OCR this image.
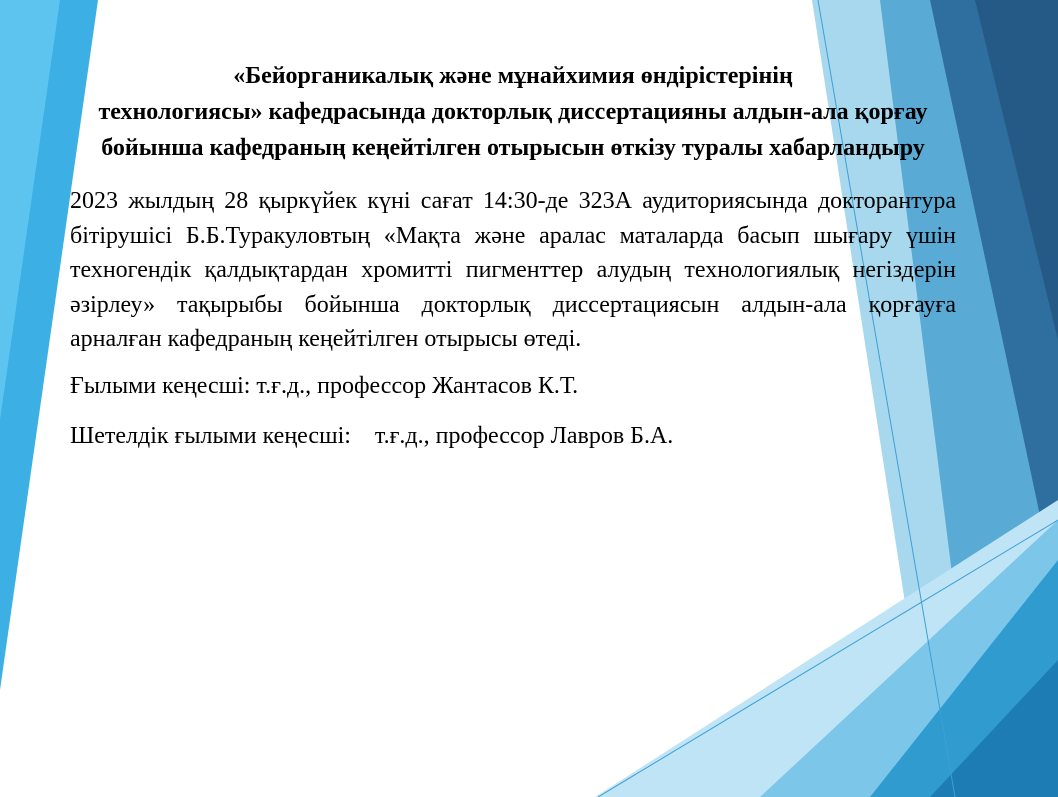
«Бейорганикалық және мұнайхимия өндірістерінің
технологиясы» кафедрасында докторлық диссертацияны алдын-ала қорғау бойынша кафедраның кеңейтілген отырысын өткізу туралы хабарландыру

2023 жылдың 28 қыркүйек күні сағат 14:30-де 323А аудиториясында докторантура бітірушісі Б.Б.Туракуловтың «Мақта және аралас маталарда басып шығару үшін техногендік қалдықтардан хромитті пигменттер алудың технологиялық негіздерін әзірлеу» тақырыбы бойынша докторлық диссертациясын алдын-ала қорғауға арналған кафедраның кеңейтілген отырысы өтеді.

Ғылыми кеңесші: т.ғ.д., профессор Жантасов К.Т.

Шетелдік ғылыми кеңесші:    т.ғ.д., профессор Лавров Б.А.
